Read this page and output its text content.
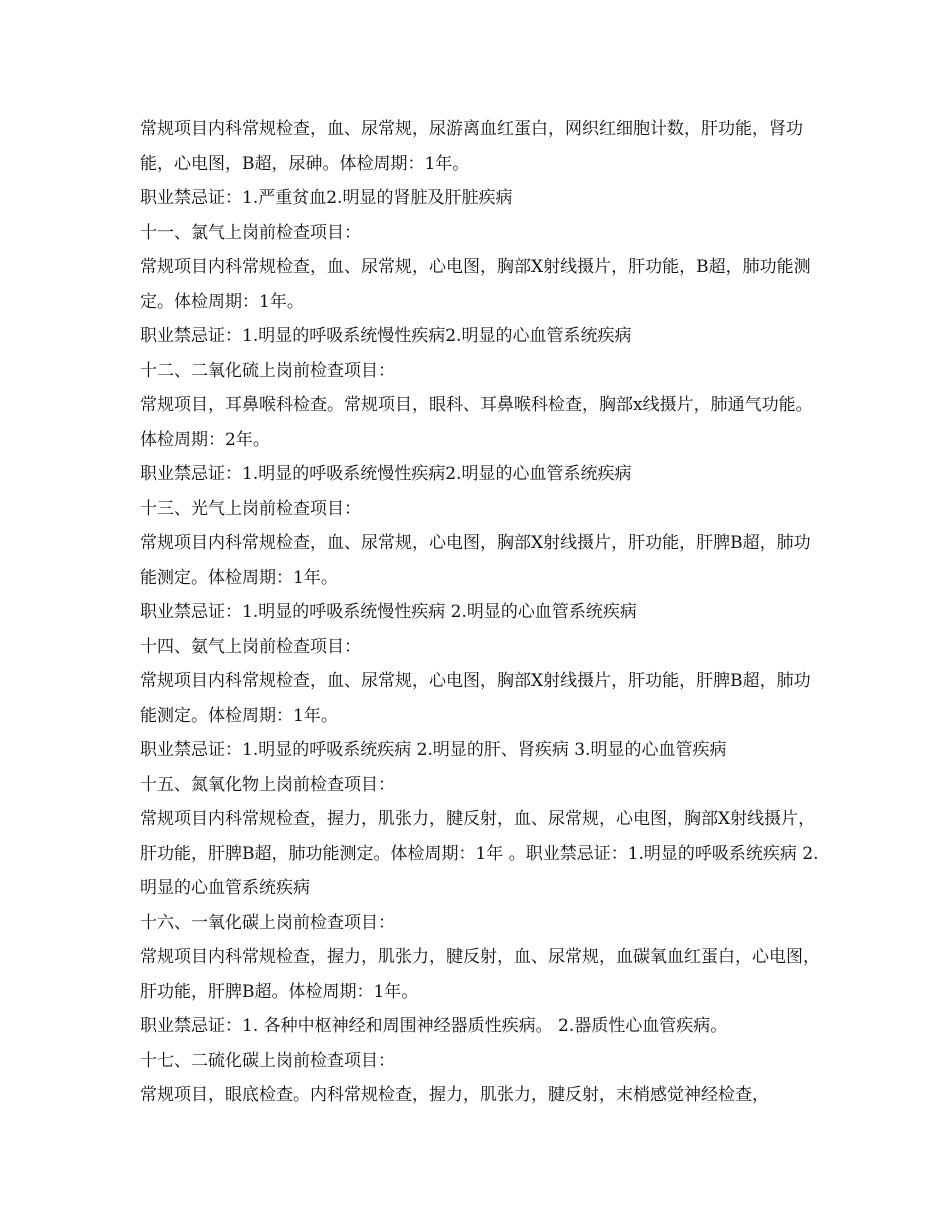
常规项目内科常规检查，血、尿常规，尿游离血红蛋白，网织红细胞计数，肝功能，肾功能，心电图，B超，尿砷。体检周期：1年。

职业禁忌证：1.严重贫血2.明显的肾脏及肝脏疾病

十一、氯气上岗前检查项目：

常规项目内科常规检查，血、尿常规，心电图，胸部X射线摄片，肝功能，B超，肺功能测定。体检周期：1年。

职业禁忌证：1.明显的呼吸系统慢性疾病2.明显的心血管系统疾病

十二、二氧化硫上岗前检查项目：

常规项目，耳鼻喉科检查。常规项目，眼科、耳鼻喉科检查，胸部x线摄片，肺通气功能。体检周期：2年。

职业禁忌证：1.明显的呼吸系统慢性疾病2.明显的心血管系统疾病

十三、光气上岗前检查项目：

常规项目内科常规检查，血、尿常规，心电图，胸部X射线摄片，肝功能，肝脾B超，肺功能测定。体检周期：1年。

职业禁忌证：1.明显的呼吸系统慢性疾病 2.明显的心血管系统疾病

十四、氨气上岗前检查项目：

常规项目内科常规检查，血、尿常规，心电图，胸部X射线摄片，肝功能，肝脾B超，肺功能测定。体检周期：1年。

职业禁忌证：1.明显的呼吸系统疾病 2.明显的肝、肾疾病 3.明显的心血管疾病

十五、氮氧化物上岗前检查项目：

常规项目内科常规检查，握力，肌张力，腱反射，血、尿常规，心电图，胸部X射线摄片，肝功能，肝脾B超，肺功能测定。体检周期：1年 。职业禁忌证：1.明显的呼吸系统疾病 2.明显的心血管系统疾病

十六、一氧化碳上岗前检查项目：

常规项目内科常规检查，握力，肌张力，腱反射，血、尿常规，血碳氧血红蛋白，心电图，肝功能，肝脾B超。体检周期：1年。

职业禁忌证：1. 各种中枢神经和周围神经器质性疾病。 2.器质性心血管疾病。

十七、二硫化碳上岗前检查项目：

常规项目，眼底检查。内科常规检查，握力，肌张力，腱反射，末梢感觉神经检查，
